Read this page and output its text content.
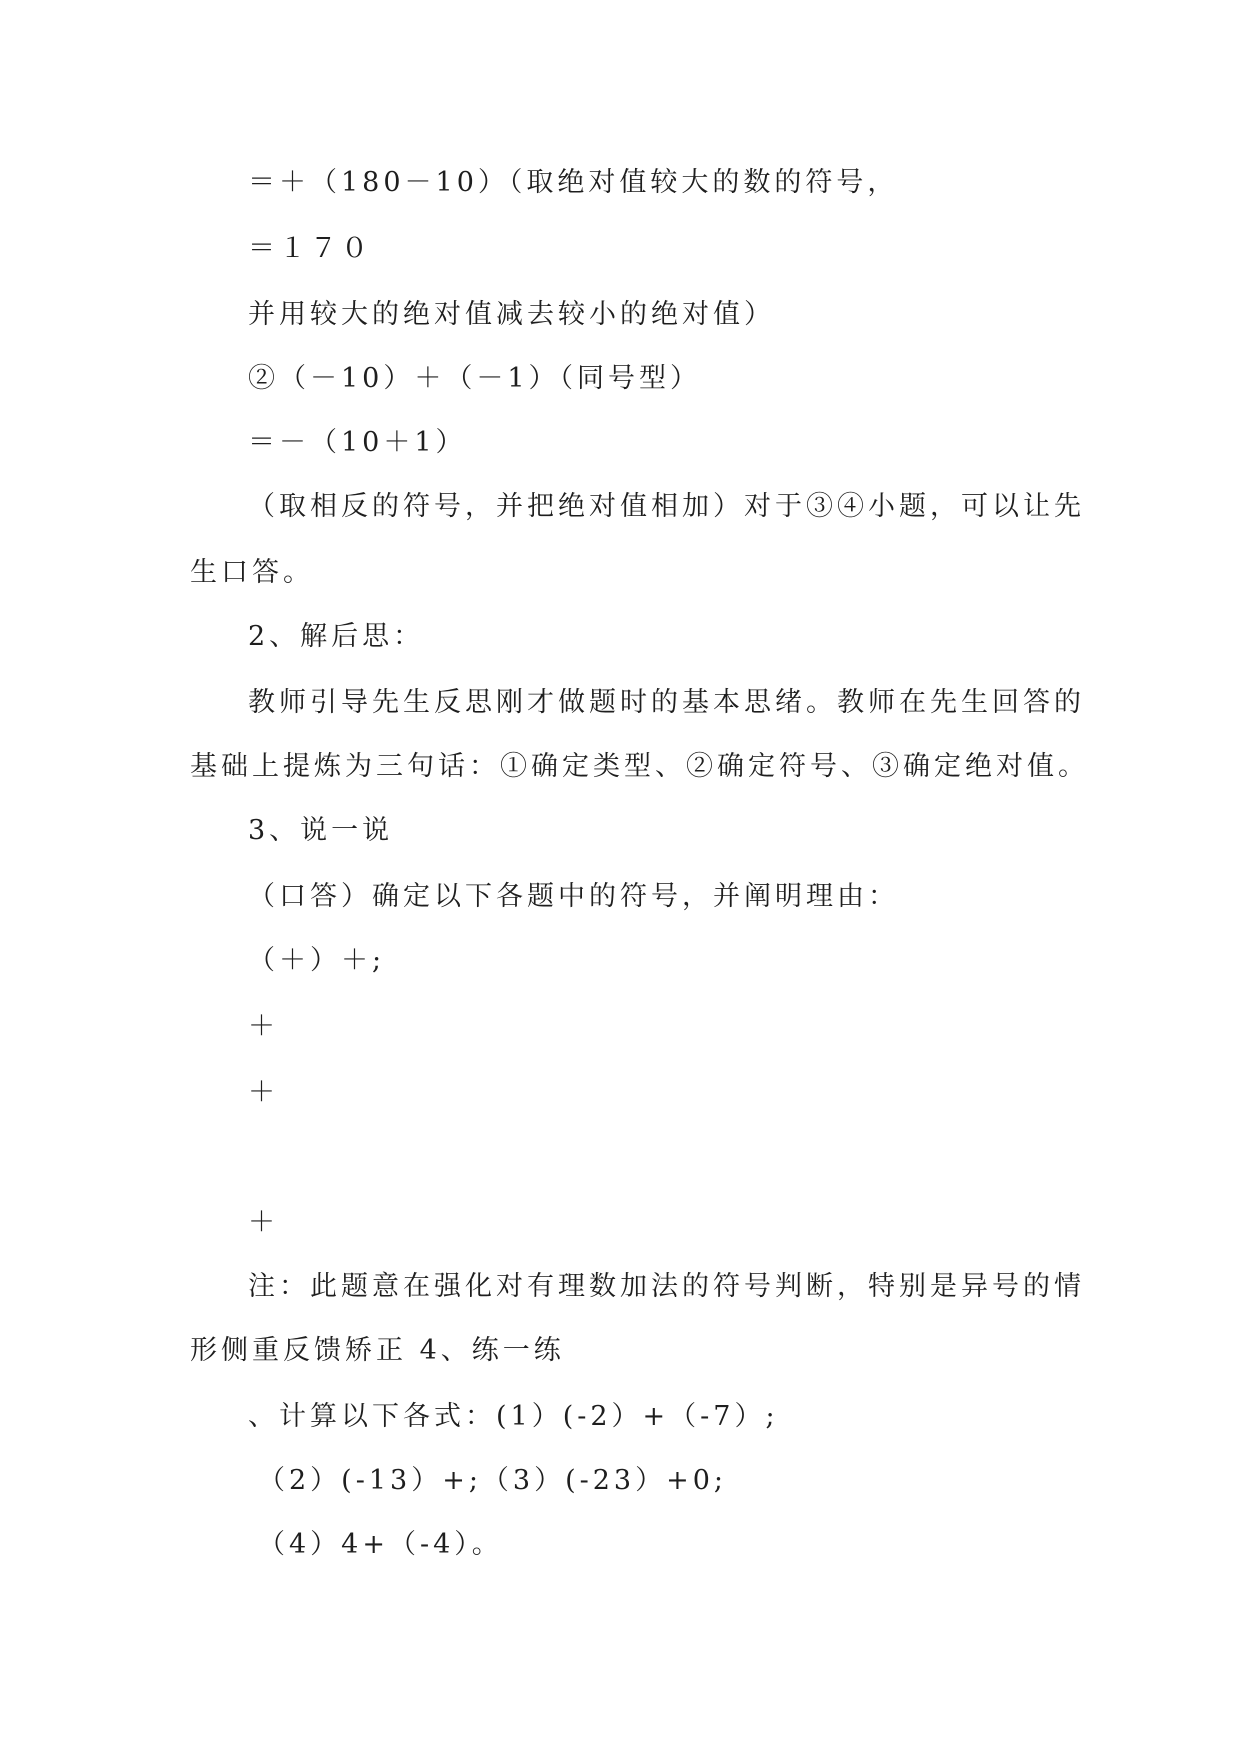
＝＋（180－10）（取绝对值较大的数的符号，
＝１７０
并用较大的绝对值减去较小的绝对值）
②（－10）＋（－1）（同号型）
＝－（10＋1）
（取相反的符号，并把绝对值相加）对于③④小题，可以让先
生口答。
2、解后思：
教师引导先生反思刚才做题时的基本思绪。教师在先生回答的
基础上提炼为三句话：①确定类型、②确定符号、③确定绝对值。
3、说一说
（口答）确定以下各题中的符号，并阐明理由：
（＋）＋;
＋
＋
＋
注：此题意在强化对有理数加法的符号判断，特别是异号的情
形侧重反馈矫正 4、练一练
、计算以下各式：(1）(-2）+（-7）;
（2）(-13）+;（3）(-23）+0;
（4）4+（-4）。
